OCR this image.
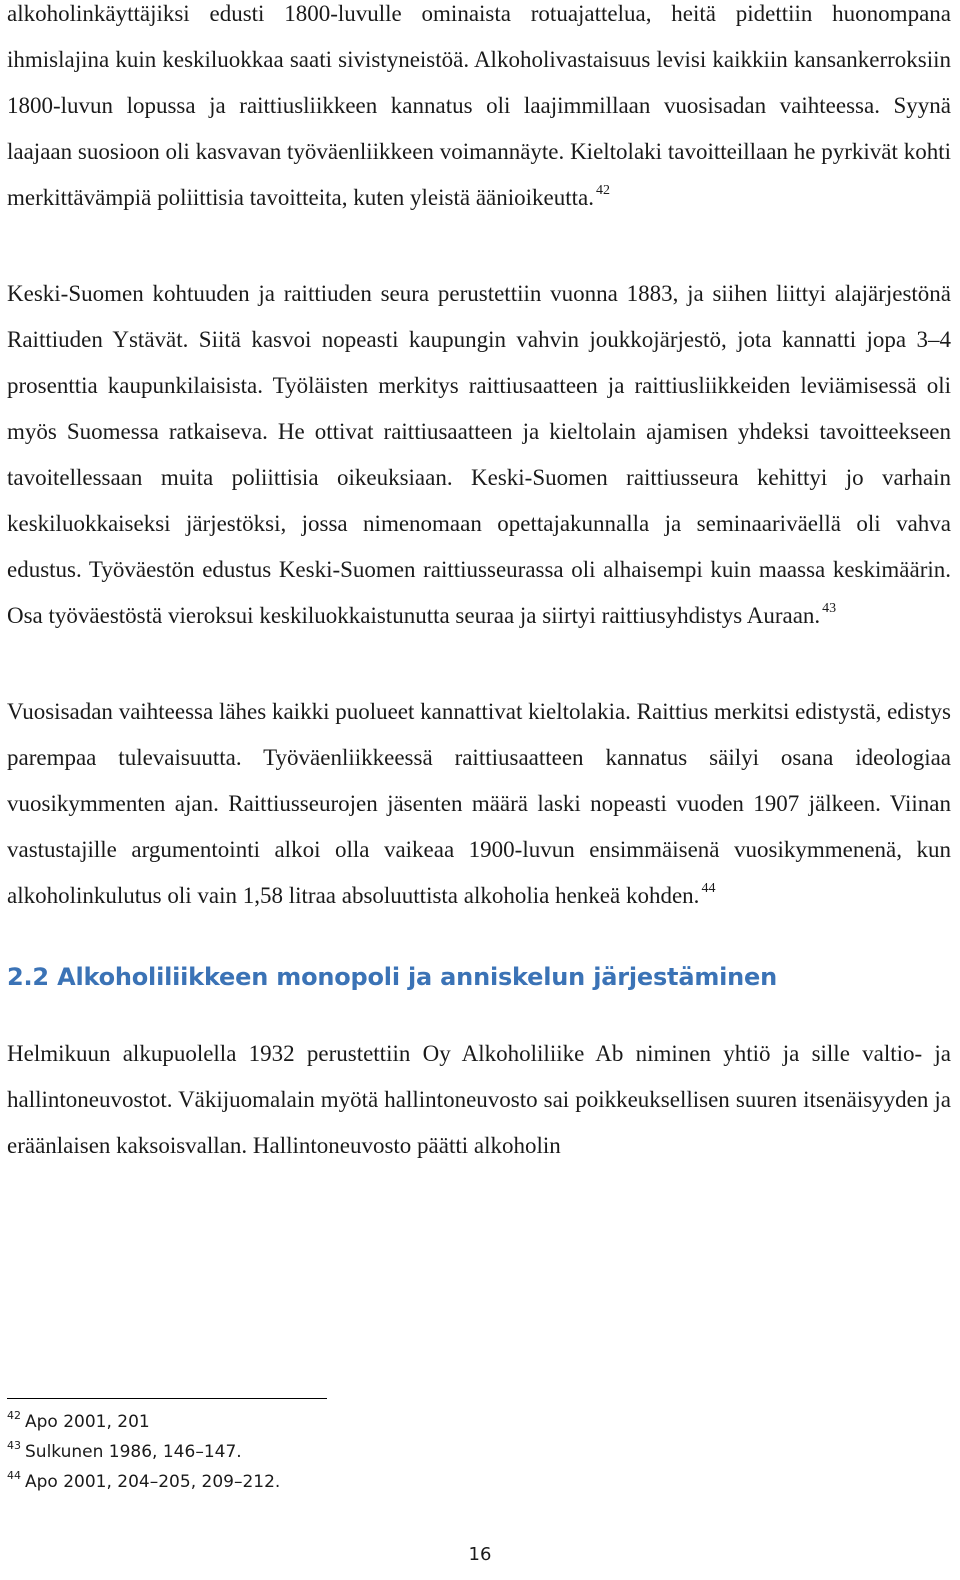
alkoholinkäyttäjiksi edusti 1800-luvulle ominaista rotuajattelua, heitä pidettiin huonompana ihmislajina kuin keskiluokkaa saati sivistyneistöä. Alkoholivastaisuus levisi kaikkiin kansankerroksiin 1800-luvun lopussa ja raittiusliikkeen kannatus oli laajimmillaan vuosisadan vaihteessa. Syynä laajaan suosioon oli kasvavan työväenliikkeen voimannäyte. Kieltolaki tavoitteillaan he pyrkivät kohti merkittävämpiä poliittisia tavoitteita, kuten yleistä äänioikeutta. $^{42}$

Keski-Suomen kohtuuden ja raittiuden seura perustettiin vuonna 1883, ja siihen liittyi alajärjestönä Raittiuden Ystävät. Siitä kasvoi nopeasti kaupungin vahvin joukkojärjestö, jota kannatti jopa 3–4 prosenttia kaupunkilaisista. Työläisten merkitys raittiusaatteen ja raittiusliikkeiden leviämisessä oli myös Suomessa ratkaiseva. He ottivat raittiusaatteen ja kieltolain ajamisen yhdeksi tavoitteekseen tavoitellessaan muita poliittisia oikeuksiaan. Keski-Suomen raittiusseura kehittyi jo varhain keskiluokkaiseksi järjestöksi, jossa nimenomaan opettajakunnalla ja seminaariväellä oli vahva edustus. Työväestön edustus Keski-Suomen raittiusseurassa oli alhaisempi kuin maassa keskimäärin. Osa työväestöstä vieroksui keskiluokkaistunutta seuraa ja siirtyi raittiusyhdistys Auraan. $^{43}$

Vuosisadan vaihteessa lähes kaikki puolueet kannattivat kieltolakia. Raittius merkitsi edistystä, edistys parempaa tulevaisuutta. Työväenliikkeessä raittiusaatteen kannatus säilyi osana ideologiaa vuosikymmenten ajan. Raittiusseurojen jäsenten määrä laski nopeasti vuoden 1907 jälkeen. Viinan vastustajille argumentointi alkoi olla vaikeaa 1900-luvun ensimmäisenä vuosikymmenenä, kun alkoholinkulutus oli vain 1,58 litraa absoluuttista alkoholia henkeä kohden. $^{44}$

2.2 Alkoholiliikkeen monopoli ja anniskelun järjestäminen

Helmikuun alkupuolella 1932 perustettiin Oy Alkoholiliike Ab niminen yhtiö ja sille valtio- ja hallintoneuvostot. Väkijuomalain myötä hallintoneuvosto sai poikkeuksellisen suuren itsenäisyyden ja eräänlaisen kaksoisvallan. Hallintoneuvosto päätti alkoholin

$^{42}$ Apo 2001, 201
$^{43}$ Sulkunen 1986, 146–147.
$^{44}$ Apo 2001, 204–205, 209–212.
16
